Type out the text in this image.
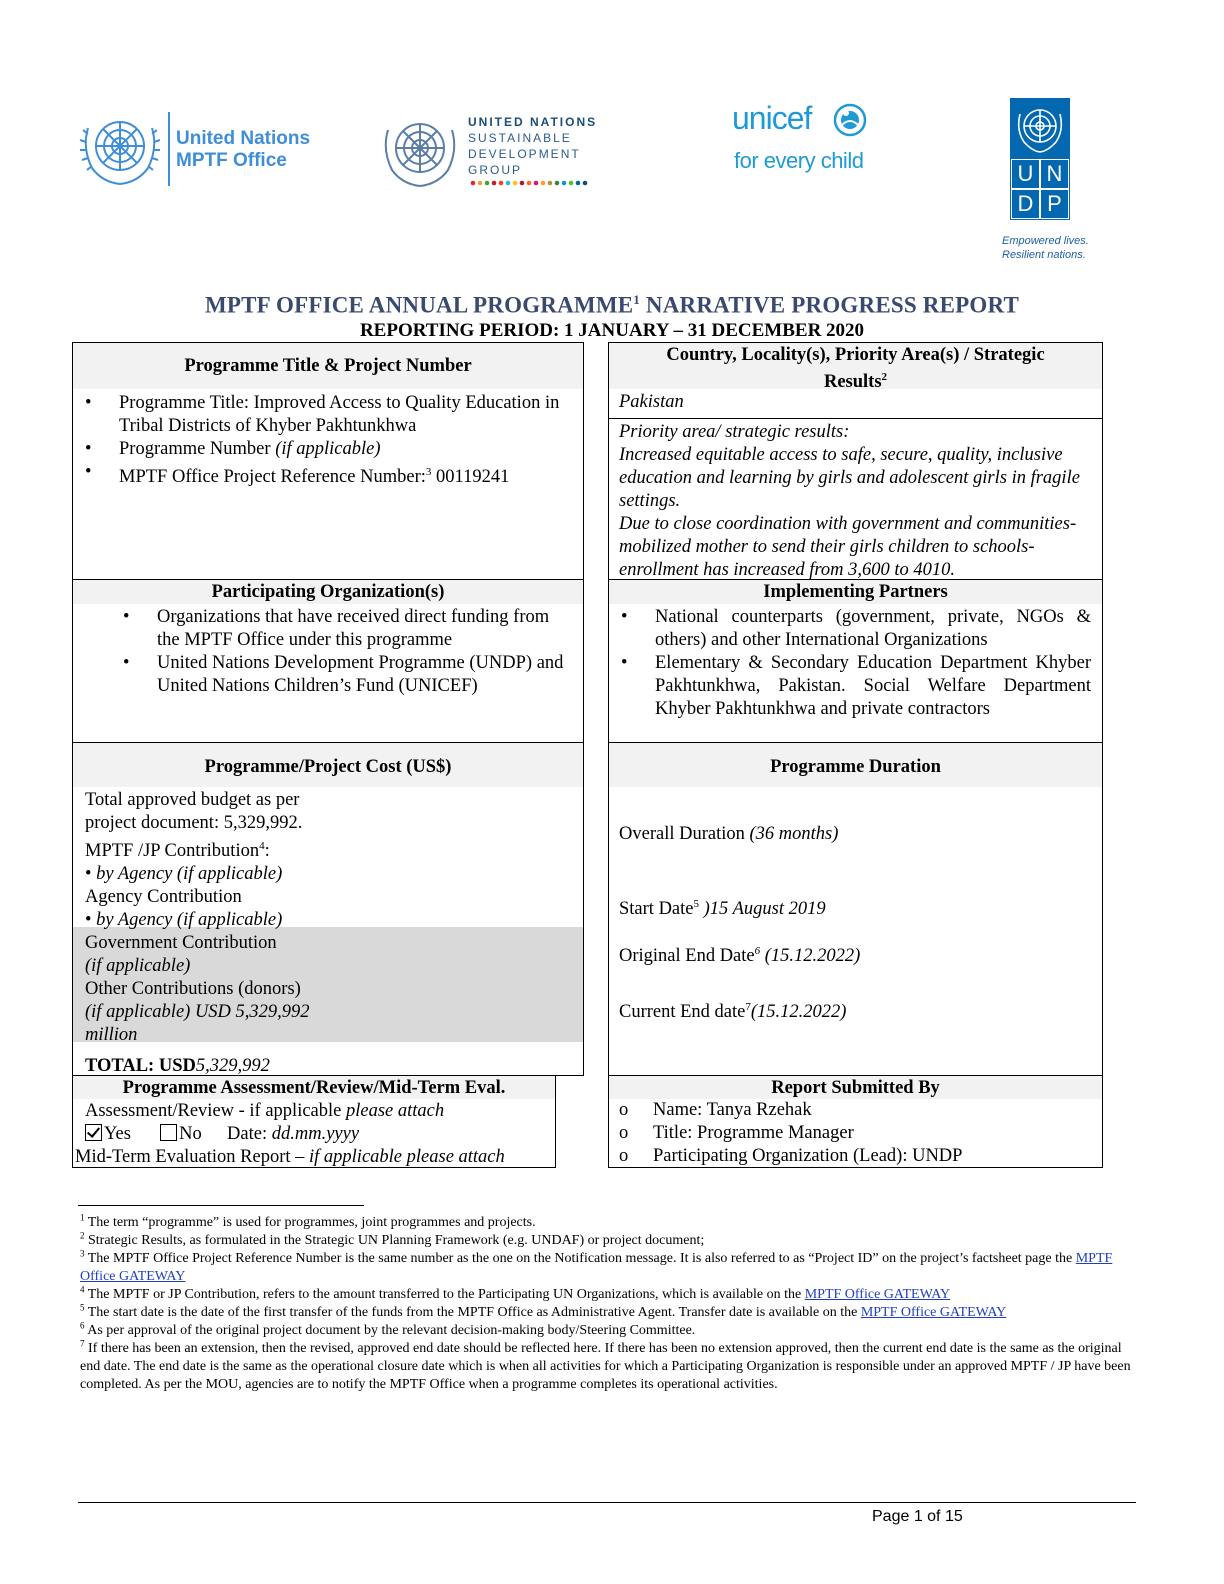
United Nations
MPTF Office
UNITED NATIONS
SUSTAINABLE
DEVELOPMENT
GROUP
unicef
for every child
U N
D P
Empowered lives.
Resilient nations.
MPTF OFFICE ANNUAL PROGRAMME$^1$ NARRATIVE PROGRESS REPORT
REPORTING PERIOD: 1 JANUARY – 31 DECEMBER 2020
Programme Title & Project Number
• Programme Title: Improved Access to Quality Education in Tribal Districts of Khyber Pakhtunkhwa
• Programme Number (if applicable)
• MPTF Office Project Reference Number:$^3$ 00119241
Country, Locality(s), Priority Area(s) / Strategic Results$^2$
Pakistan
Priority area/ strategic results:
Increased equitable access to safe, secure, quality, inclusive education and learning by girls and adolescent girls in fragile settings.
Due to close coordination with government and communities- mobilized mother to send their girls children to schools- enrollment has increased from 3,600 to 4010.
Participating Organization(s)
• Organizations that have received direct funding from the MPTF Office under this programme
• United Nations Development Programme (UNDP) and United Nations Children’s Fund (UNICEF)
Implementing Partners
• National counterparts (government, private, NGOs & others) and other International Organizations
• Elementary & Secondary Education Department Khyber Pakhtunkhwa, Pakistan. Social Welfare Department Khyber Pakhtunkhwa and private contractors
Programme/Project Cost (US$)
Total approved budget as per
project document: 5,329,992.
MPTF /JP Contribution$^4$:
• by Agency (if applicable)
Agency Contribution
• by Agency (if applicable)
Government Contribution
(if applicable)
Other Contributions (donors)
(if applicable) USD 5,329,992
million
TOTAL: USD5,329,992
Programme Duration
Overall Duration (36 months)
Start Date$^5$ )15 August 2019
Original End Date$^6$ (15.12.2022)
Current End date$^7$(15.12.2022)
Programme Assessment/Review/Mid-Term Eval.
Assessment/Review - if applicable please attach
Yes	No Date: dd.mm.yyyy
Mid-Term Evaluation Report – if applicable please attach
Report Submitted By
o Name: Tanya Rzehak
o Title: Programme Manager
o Participating Organization (Lead): UNDP

$^1$ The term “programme” is used for programmes, joint programmes and projects.

$^2$ Strategic Results, as formulated in the Strategic UN Planning Framework (e.g. UNDAF) or project document;

$^3$ The MPTF Office Project Reference Number is the same number as the one on the Notification message. It is also referred to as “Project ID” on the project’s factsheet page the MPTF Office GATEWAY

$^4$ The MPTF or JP Contribution, refers to the amount transferred to the Participating UN Organizations, which is available on the MPTF Office GATEWAY

$^5$ The start date is the date of the first transfer of the funds from the MPTF Office as Administrative Agent. Transfer date is available on the MPTF Office GATEWAY

$^6$ As per approval of the original project document by the relevant decision-making body/Steering Committee.

$^7$ If there has been an extension, then the revised, approved end date should be reflected here. If there has been no extension approved, then the current end date is the same as the original end date. The end date is the same as the operational closure date which is when all activities for which a Participating Organization is responsible under an approved MPTF / JP have been completed. As per the MOU, agencies are to notify the MPTF Office when a programme completes its operational activities.

Page 1 of 15
